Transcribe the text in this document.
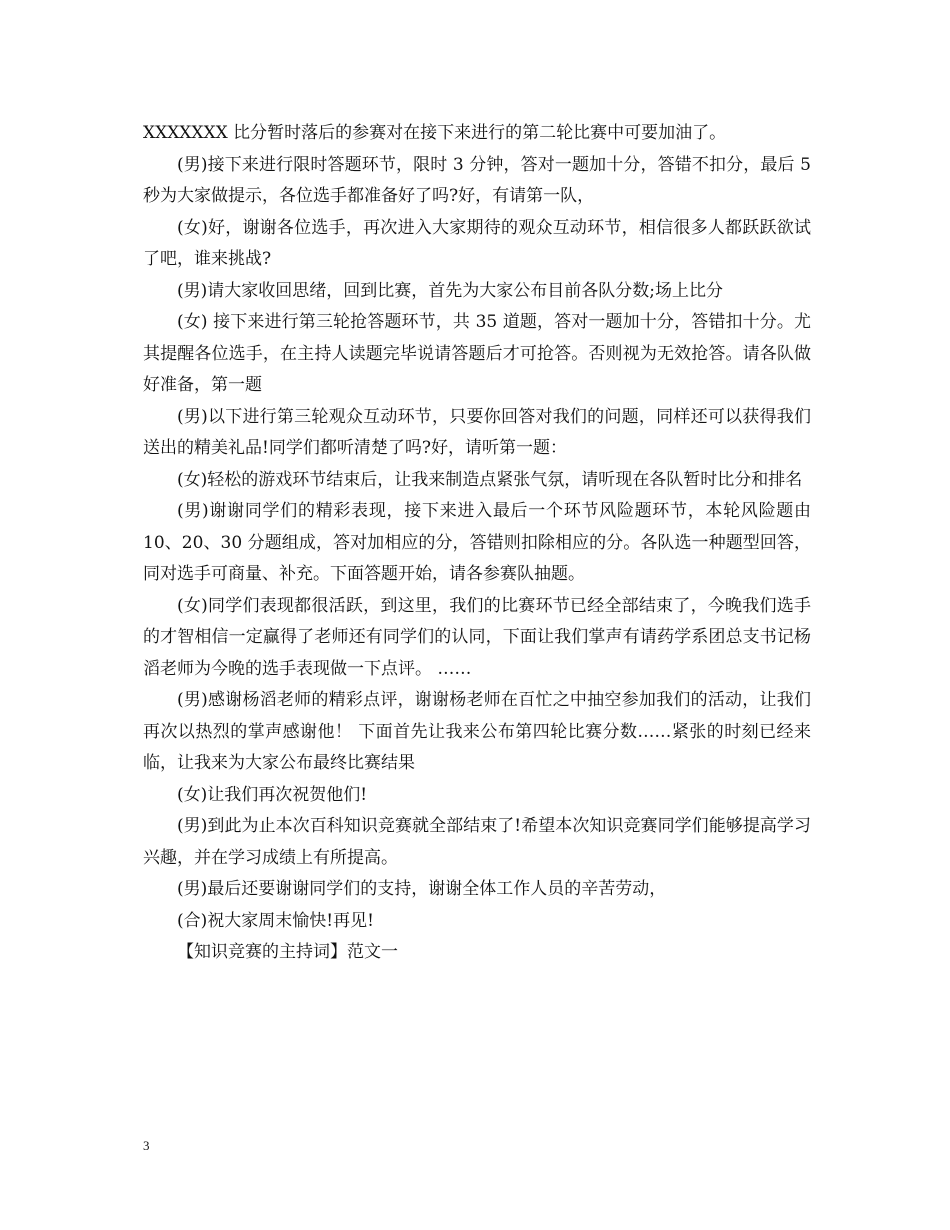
XXXXXXX 比分暂时落后的参赛对在接下来进行的第二轮比赛中可要加油了。

(男)接下来进行限时答题环节，限时 3 分钟，答对一题加十分，答错不扣分，最后 5 秒为大家做提示，各位选手都准备好了吗?好，有请第一队，

(女)好，谢谢各位选手，再次进入大家期待的观众互动环节，相信很多人都跃跃欲试了吧，谁来挑战?

(男)请大家收回思绪，回到比赛，首先为大家公布目前各队分数;场上比分

(女) 接下来进行第三轮抢答题环节，共 35 道题，答对一题加十分，答错扣十分。尤其提醒各位选手，在主持人读题完毕说请答题后才可抢答。否则视为无效抢答。请各队做好准备，第一题

(男)以下进行第三轮观众互动环节，只要你回答对我们的问题，同样还可以获得我们送出的精美礼品!同学们都听清楚了吗?好，请听第一题：

(女)轻松的游戏环节结束后，让我来制造点紧张气氛，请听现在各队暂时比分和排名

(男)谢谢同学们的精彩表现，接下来进入最后一个环节风险题环节，本轮风险题由 10、20、30 分题组成，答对加相应的分，答错则扣除相应的分。各队选一种题型回答，同对选手可商量、补充。下面答题开始，请各参赛队抽题。

(女)同学们表现都很活跃，到这里，我们的比赛环节已经全部结束了，今晚我们选手的才智相信一定赢得了老师还有同学们的认同，下面让我们掌声有请药学系团总支书记杨滔老师为今晚的选手表现做一下点评。 ……

(男)感谢杨滔老师的精彩点评，谢谢杨老师在百忙之中抽空参加我们的活动，让我们再次以热烈的掌声感谢他！ 下面首先让我来公布第四轮比赛分数……紧张的时刻已经来临，让我来为大家公布最终比赛结果

(女)让我们再次祝贺他们!

(男)到此为止本次百科知识竞赛就全部结束了!希望本次知识竞赛同学们能够提高学习兴趣，并在学习成绩上有所提高。

(男)最后还要谢谢同学们的支持，谢谢全体工作人员的辛苦劳动，

(合)祝大家周末愉快!再见!

【知识竞赛的主持词】范文一

3
